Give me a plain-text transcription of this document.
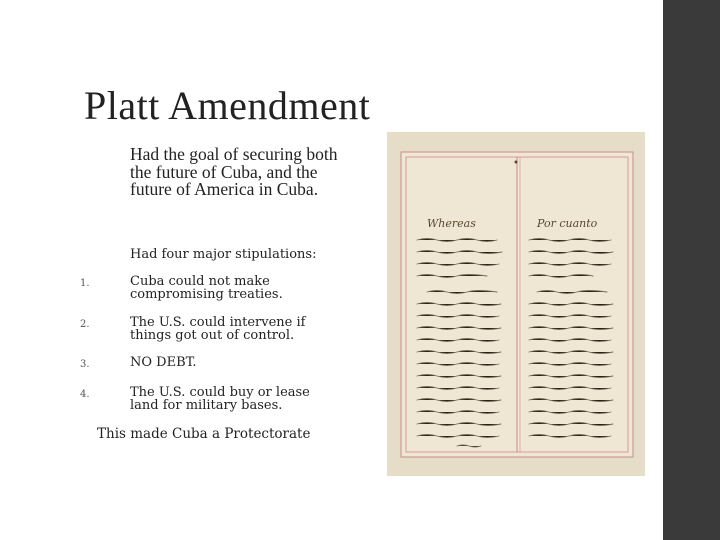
Platt Amendment
Had the goal of securing both the future of Cuba, and the future of America in Cuba.
Had four major stipulations:
1.	Cuba could not make compromising treaties.
2.	The U.S. could intervene if things got out of control.
3.	NO DEBT.
4.	The U.S. could buy or lease land for military bases.
This made Cuba a Protectorate
Whereas	Por cuanto
